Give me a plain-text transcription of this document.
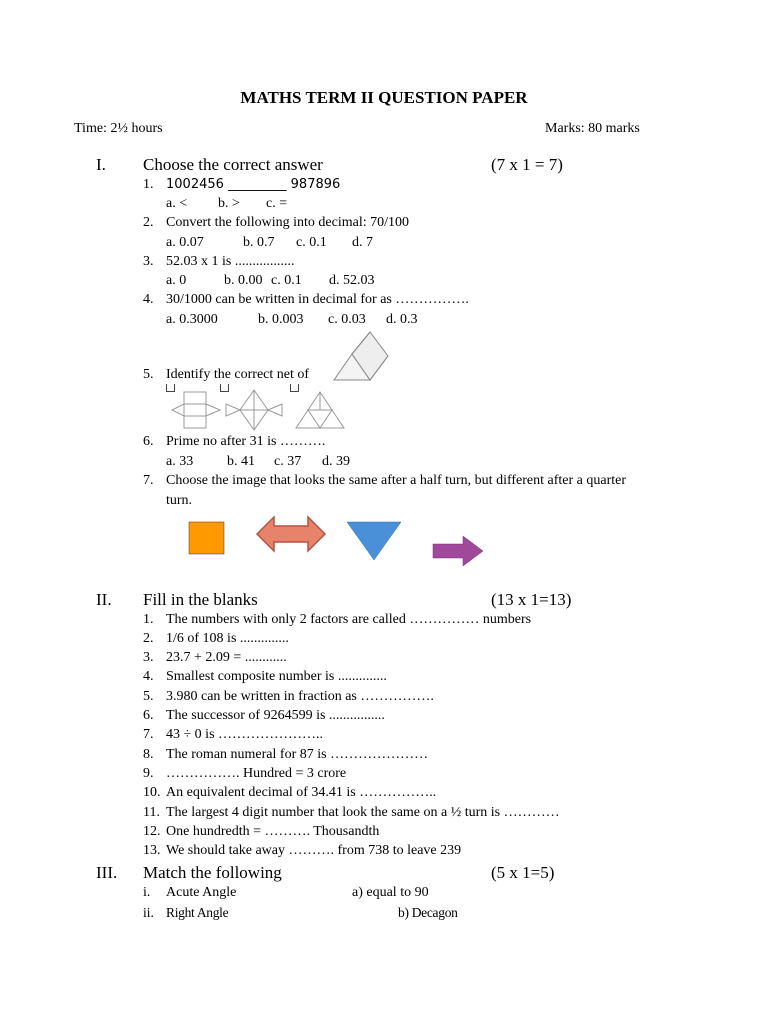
MATHS TERM II QUESTION PAPER
Time: 2½ hours	Marks: 80 marks
I. Choose the correct answer	(7 x 1 = 7)
1. 1002456 _________ 987896
a. < b. > c. =
2. Convert the following into decimal: 70/100
a. 0.07	b. 0.7 c. 0.1 d. 7
3. 52.03 x 1 is .................
a. 0	b. 0.00 c. 0.1 d. 52.03
4. 30/1000 can be written in decimal for as …………….
a. 0.3000	b. 0.003 c. 0.03 d. 0.3
5. Identify the correct net of
6. Prime no after 31 is ……….
a. 33 b. 41 c. 37 d. 39
7. Choose the image that looks the same after a half turn, but different after a quarter
turn.
II. Fill in the blanks	(13 x 1=13)
1. The numbers with only 2 factors are called …………… numbers
2. 1/6 of 108 is ..............
3. 23.7 + 2.09 = ............
4. Smallest composite number is ..............
5. 3.980 can be written in fraction as …………….
6. The successor of 9264599 is ................
7. 43 ÷ 0 is …………………..
8. The roman numeral for 87 is …………………
9. ……………. Hundred = 3 crore
10. An equivalent decimal of 34.41 is ……………..
11. The largest 4 digit number that look the same on a ½ turn is …………
12. One hundredth = ………. Thousandth
13. We should take away ………. from 738 to leave 239
III. Match the following	(5 x 1=5)
i. Acute Angle	a) equal to 90
ii. Right Angle	b) Decagon
